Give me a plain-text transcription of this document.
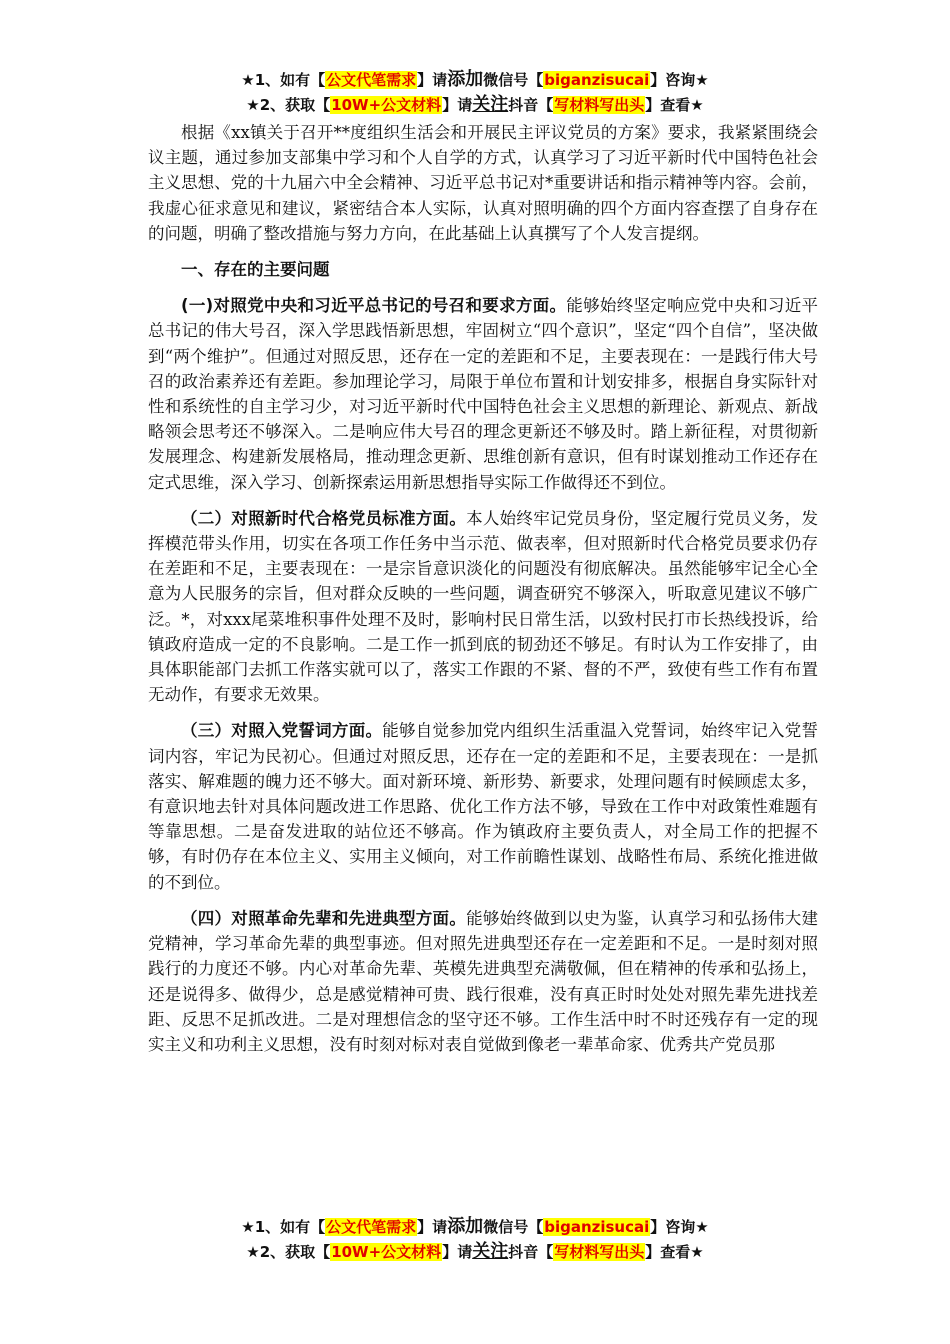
★1、如有【公文代笔需求】请添加微信号【biganzisucai】咨询★
★2、获取【10W+公文材料】请关注抖音【写材料写出头】查看★

根据《xx镇关于召开**度组织生活会和开展民主评议党员的方案》要求，我紧紧围绕会议主题，通过参加支部集中学习和个人自学的方式，认真学习了习近平新时代中国特色社会主义思想、党的十九届六中全会精神、习近平总书记对*重要讲话和指示精神等内容。会前，我虚心征求意见和建议，紧密结合本人实际，认真对照明确的四个方面内容查摆了自身存在的问题，明确了整改措施与努力方向，在此基础上认真撰写了个人发言提纲。

一、存在的主要问题

(一)对照党中央和习近平总书记的号召和要求方面。能够始终坚定响应党中央和习近平总书记的伟大号召，深入学思践悟新思想，牢固树立“四个意识”，坚定“四个自信”，坚决做到“两个维护”。但通过对照反思，还存在一定的差距和不足，主要表现在：一是践行伟大号召的政治素养还有差距。参加理论学习，局限于单位布置和计划安排多，根据自身实际针对性和系统性的自主学习少，对习近平新时代中国特色社会主义思想的新理论、新观点、新战略领会思考还不够深入。二是响应伟大号召的理念更新还不够及时。踏上新征程，对贯彻新发展理念、构建新发展格局，推动理念更新、思维创新有意识，但有时谋划推动工作还存在定式思维，深入学习、创新探索运用新思想指导实际工作做得还不到位。

（二）对照新时代合格党员标准方面。本人始终牢记党员身份，坚定履行党员义务，发挥模范带头作用，切实在各项工作任务中当示范、做表率，但对照新时代合格党员要求仍存在差距和不足，主要表现在：一是宗旨意识淡化的问题没有彻底解决。虽然能够牢记全心全意为人民服务的宗旨，但对群众反映的一些问题，调查研究不够深入，听取意见建议不够广泛。*，对xxx尾菜堆积事件处理不及时，影响村民日常生活，以致村民打市长热线投诉，给镇政府造成一定的不良影响。二是工作一抓到底的韧劲还不够足。有时认为工作安排了，由具体职能部门去抓工作落实就可以了，落实工作跟的不紧、督的不严，致使有些工作有布置无动作，有要求无效果。

（三）对照入党誓词方面。能够自觉参加党内组织生活重温入党誓词，始终牢记入党誓词内容，牢记为民初心。但通过对照反思，还存在一定的差距和不足，主要表现在：一是抓落实、解难题的魄力还不够大。面对新环境、新形势、新要求，处理问题有时候顾虑太多，有意识地去针对具体问题改进工作思路、优化工作方法不够，导致在工作中对政策性难题有等靠思想。二是奋发进取的站位还不够高。作为镇政府主要负责人，对全局工作的把握不够，有时仍存在本位主义、实用主义倾向，对工作前瞻性谋划、战略性布局、系统化推进做的不到位。

（四）对照革命先辈和先进典型方面。能够始终做到以史为鉴，认真学习和弘扬伟大建党精神，学习革命先辈的典型事迹。但对照先进典型还存在一定差距和不足。一是时刻对照践行的力度还不够。内心对革命先辈、英模先进典型充满敬佩，但在精神的传承和弘扬上，还是说得多、做得少，总是感觉精神可贵、践行很难，没有真正时时处处对照先辈先进找差距、反思不足抓改进。二是对理想信念的坚守还不够。工作生活中时不时还残存有一定的现实主义和功利主义思想，没有时刻对标对表自觉做到像老一辈革命家、优秀共产党员那

★1、如有【公文代笔需求】请添加微信号【biganzisucai】咨询★
★2、获取【10W+公文材料】请关注抖音【写材料写出头】查看★
